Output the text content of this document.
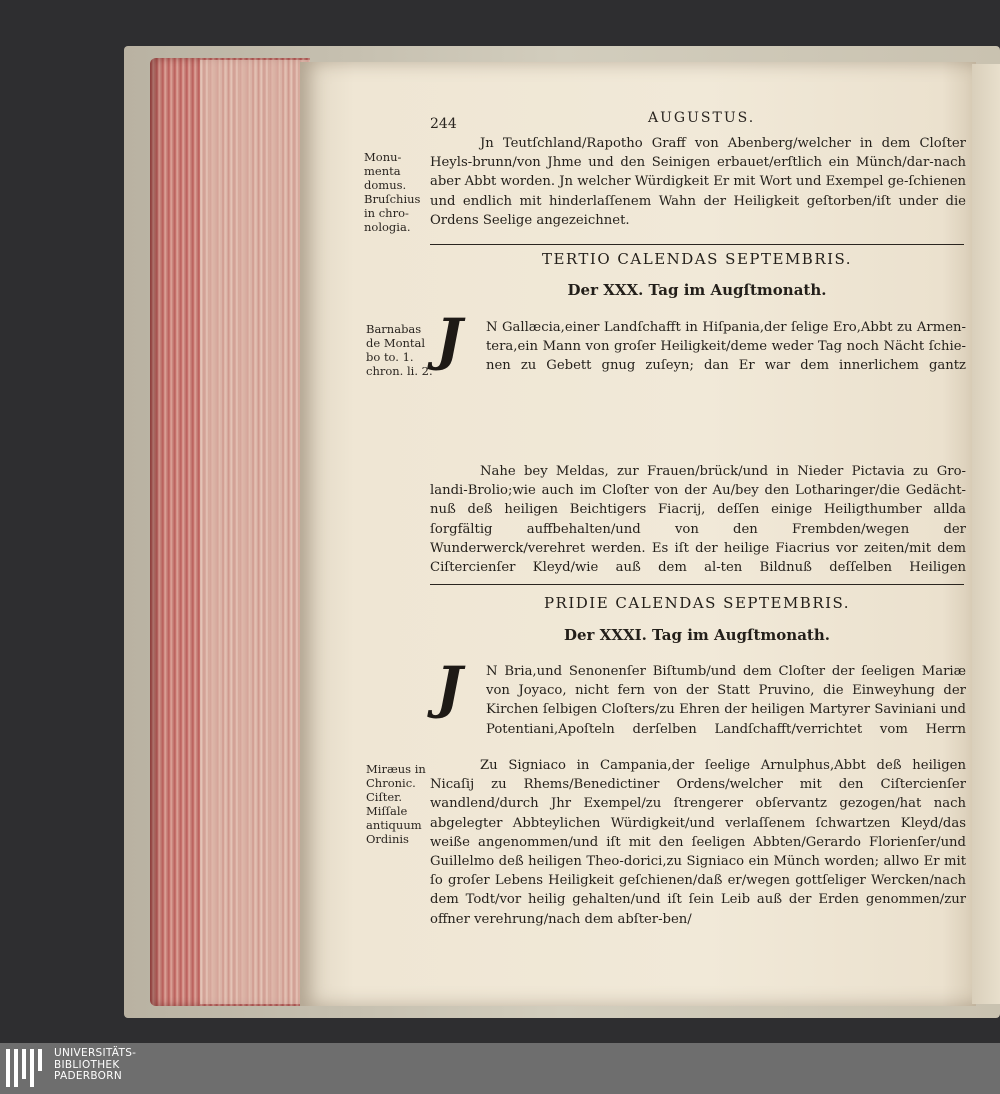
244	AUGUSTUS.
Monu-
menta
domus.
Bruſchius
in chro-
nologia.
Barnabas
de Montal
bo to. 1.
chron. li. 2.
Miræus in
Chronic.
Ciſter.
Miſſale
antiquum
Ordinis
Jn Teutſchland/Rapotho Graff von Abenberg/welcher in dem Cloſter Heyls-brunn/von Jhme und den Seinigen erbauet/erſtlich ein Münch/dar-nach aber Abbt worden. Jn welcher Würdigkeit Er mit Wort und Exempel ge-ſchienen und endlich mit hinderlaſſenem Wahn der Heiligkeit geſtorben/iſt under die Ordens Seelige angezeichnet.
TERTIO CALENDAS SEPTEMBRIS.
Der XXX. Tag im Augſtmonath.
J N Gallæcia,einer Landſchafft in Hiſpania,der ſelige Ero,Abbt zu Armen-tera,ein Mann von groſer Heiligkeit/deme weder Tag noch Nächt ſchie-nen zu Gebett gnug zuſeyn; dan Er war dem innerlichem gantz
Nahe bey Meldas, zur Frauen/brück/und in Nieder Pictavia zu Gro-landi-Brolio;wie auch im Cloſter von der Au/bey den Lotharinger/die Gedächt-nuß deß heiligen Beichtigers Fiacrij, deſſen einige Heiligthumber allda ſorgfältig auffbehalten/und von den Frembden/wegen der Wunderwerck/verehret werden. Es iſt der heilige Fiacrius vor zeiten/mit dem Ciſtercienſer Kleyd/wie auß dem al-ten Bildnuß deſſelben Heiligen
PRIDIE CALENDAS SEPTEMBRIS.
Der XXXI. Tag im Augſtmonath.
J N Bria,und Senonenſer Biſtumb/und dem Cloſter der ſeeligen Mariæ von Joyaco, nicht fern von der Statt Pruvino, die Einweyhung der Kirchen ſelbigen Cloſters/zu Ehren der heiligen Martyrer Saviniani und Potentiani,Apoſteln derſelben Landſchafft/verrichtet vom Herrn
Zu Signiaco in Campania,der ſeelige Arnulphus,Abbt deß heiligen Nicaſij zu Rhems/Benedictiner Ordens/welcher mit den Ciſtercienſer wandlend/durch Jhr Exempel/zu ſtrengerer obſervantz gezogen/hat nach abgelegter Abbteylichen Würdigkeit/und verlaſſenem ſchwartzen Kleyd/das weiße angenommen/und iſt mit den ſeeligen Abbten/Gerardo Florienſer/und Guillelmo deß heiligen Theo-dorici,zu Signiaco ein Münch worden; allwo Er mit ſo groſer Lebens Heiligkeit geſchienen/daß er/wegen gottſeliger Wercken/nach dem Todt/vor heilig gehalten/und iſt ſein Leib auß der Erden genommen/zur offner verehrung/nach dem abſter-ben/
UNIVERSITÄTS-
BIBLIOTHEK
PADERBORN
